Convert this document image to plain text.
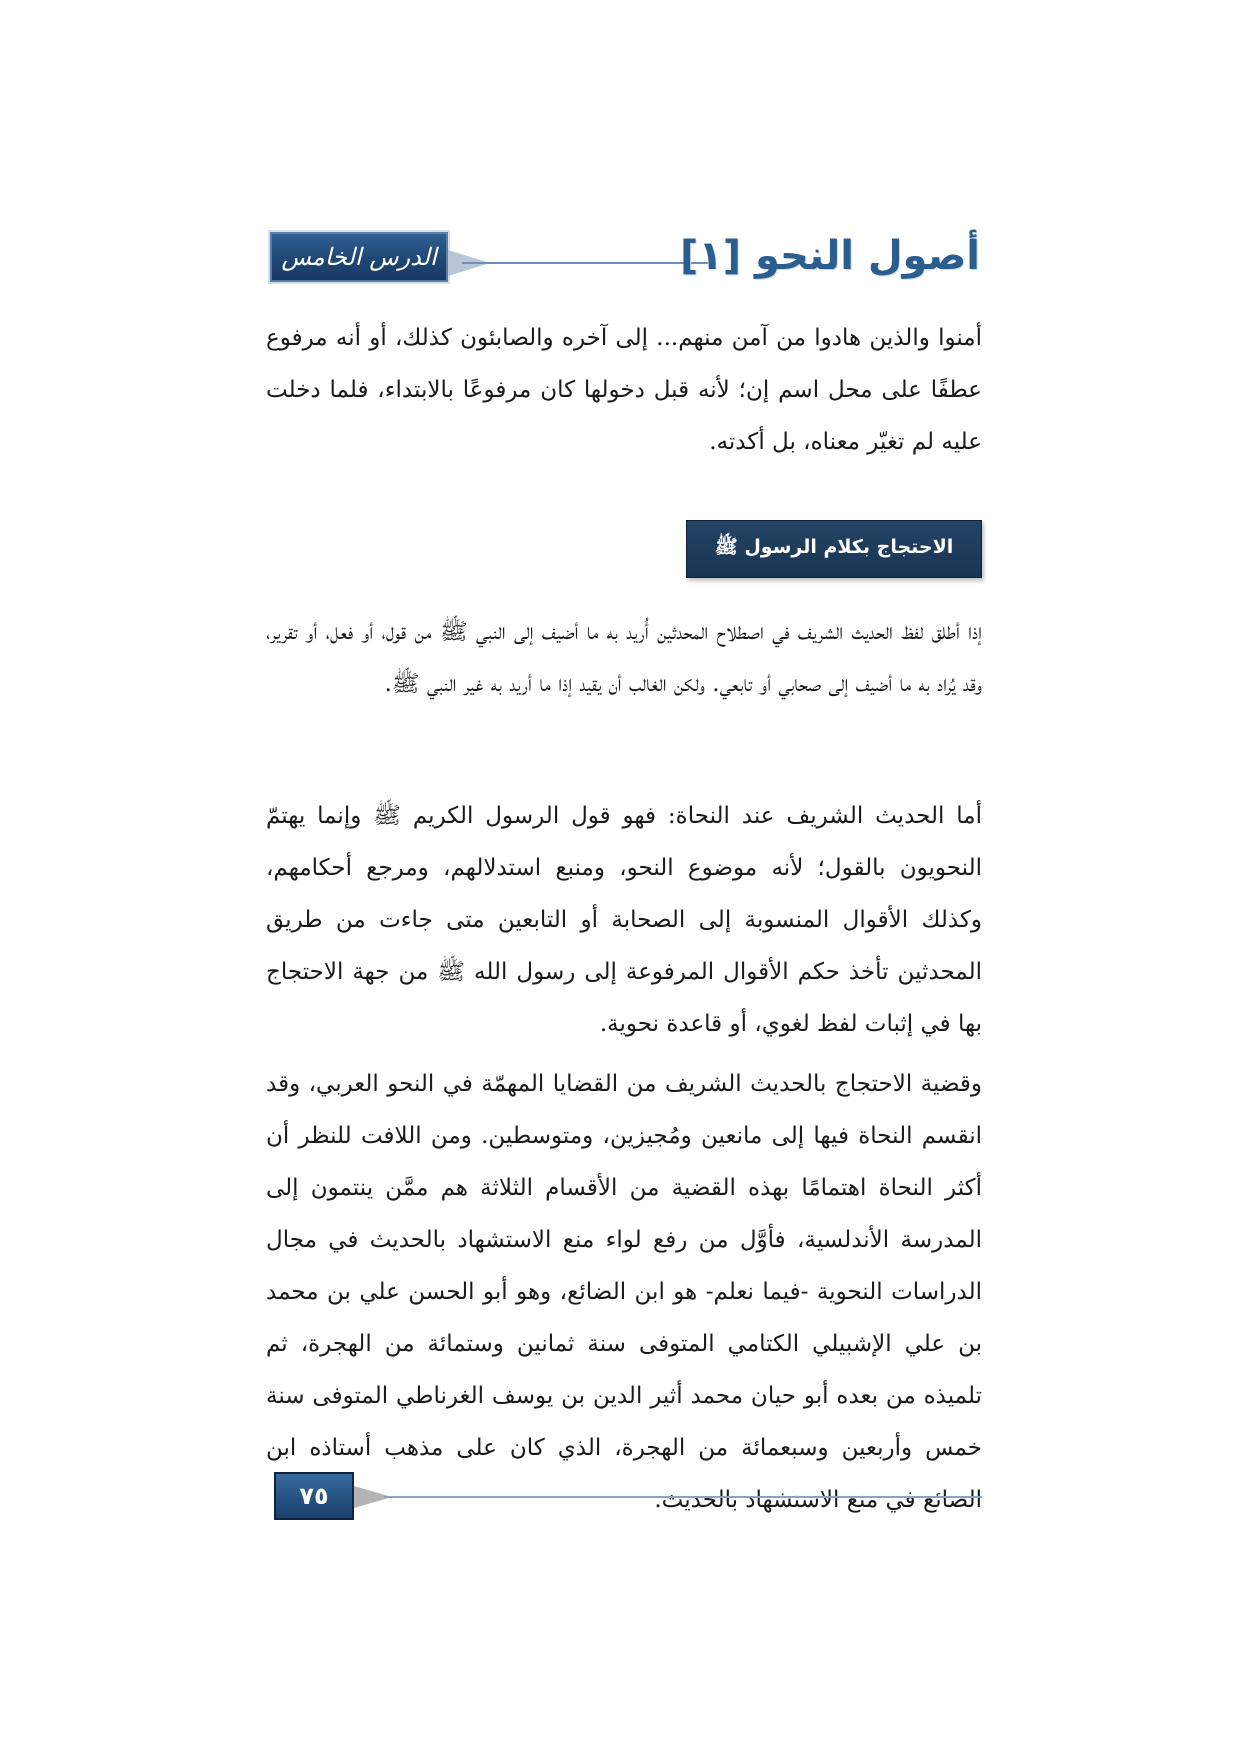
الدرس الخامس	أصول النحو [١]

أمنوا والذين هادوا من آمن منهم... إلى آخره والصابئون كذلك، أو أنه مرفوع عطفًا على محل اسم إن؛ لأنه قبل دخولها كان مرفوعًا بالابتداء، فلما دخلت عليه لم تغيّر معناه، بل أكدته.

الاحتجاج بكلام الرسول ﷺ

إذا أطلق لفظ الحديث الشريف في اصطلاح المحدثين أُريد به ما أضيف إلى النبي ﷺ من قول، أو فعل، أو تقرير، وقد يُراد به ما أضيف إلى صحابي أو تابعي. ولكن الغالب أن يقيد إذا ما أريد به غير النبي ﷺ.

أما الحديث الشريف عند النحاة: فهو قول الرسول الكريم ﷺ وإنما يهتمّ النحويون بالقول؛ لأنه موضوع النحو، ومنبع استدلالهم، ومرجع أحكامهم، وكذلك الأقوال المنسوبة إلى الصحابة أو التابعين متى جاءت من طريق المحدثين تأخذ حكم الأقوال المرفوعة إلى رسول الله ﷺ من جهة الاحتجاج بها في إثبات لفظ لغوي، أو قاعدة نحوية.

وقضية الاحتجاج بالحديث الشريف من القضايا المهمّة في النحو العربي، وقد انقسم النحاة فيها إلى مانعين ومُجيزين، ومتوسطين. ومن اللافت للنظر أن أكثر النحاة اهتمامًا بهذه القضية من الأقسام الثلاثة هم ممَّن ينتمون إلى المدرسة الأندلسية، فأوَّل من رفع لواء منع الاستشهاد بالحديث في مجال الدراسات النحوية -فيما نعلم- هو ابن الضائع، وهو أبو الحسن علي بن محمد بن علي الإشبيلي الكتامي المتوفى سنة ثمانين وستمائة من الهجرة، ثم تلميذه من بعده أبو حيان محمد أثير الدين بن يوسف الغرناطي المتوفى سنة خمس وأربعين وسبعمائة من الهجرة، الذي كان على مذهب أستاذه ابن الضائع في منع الاستشهاد بالحديث.

٧٥
